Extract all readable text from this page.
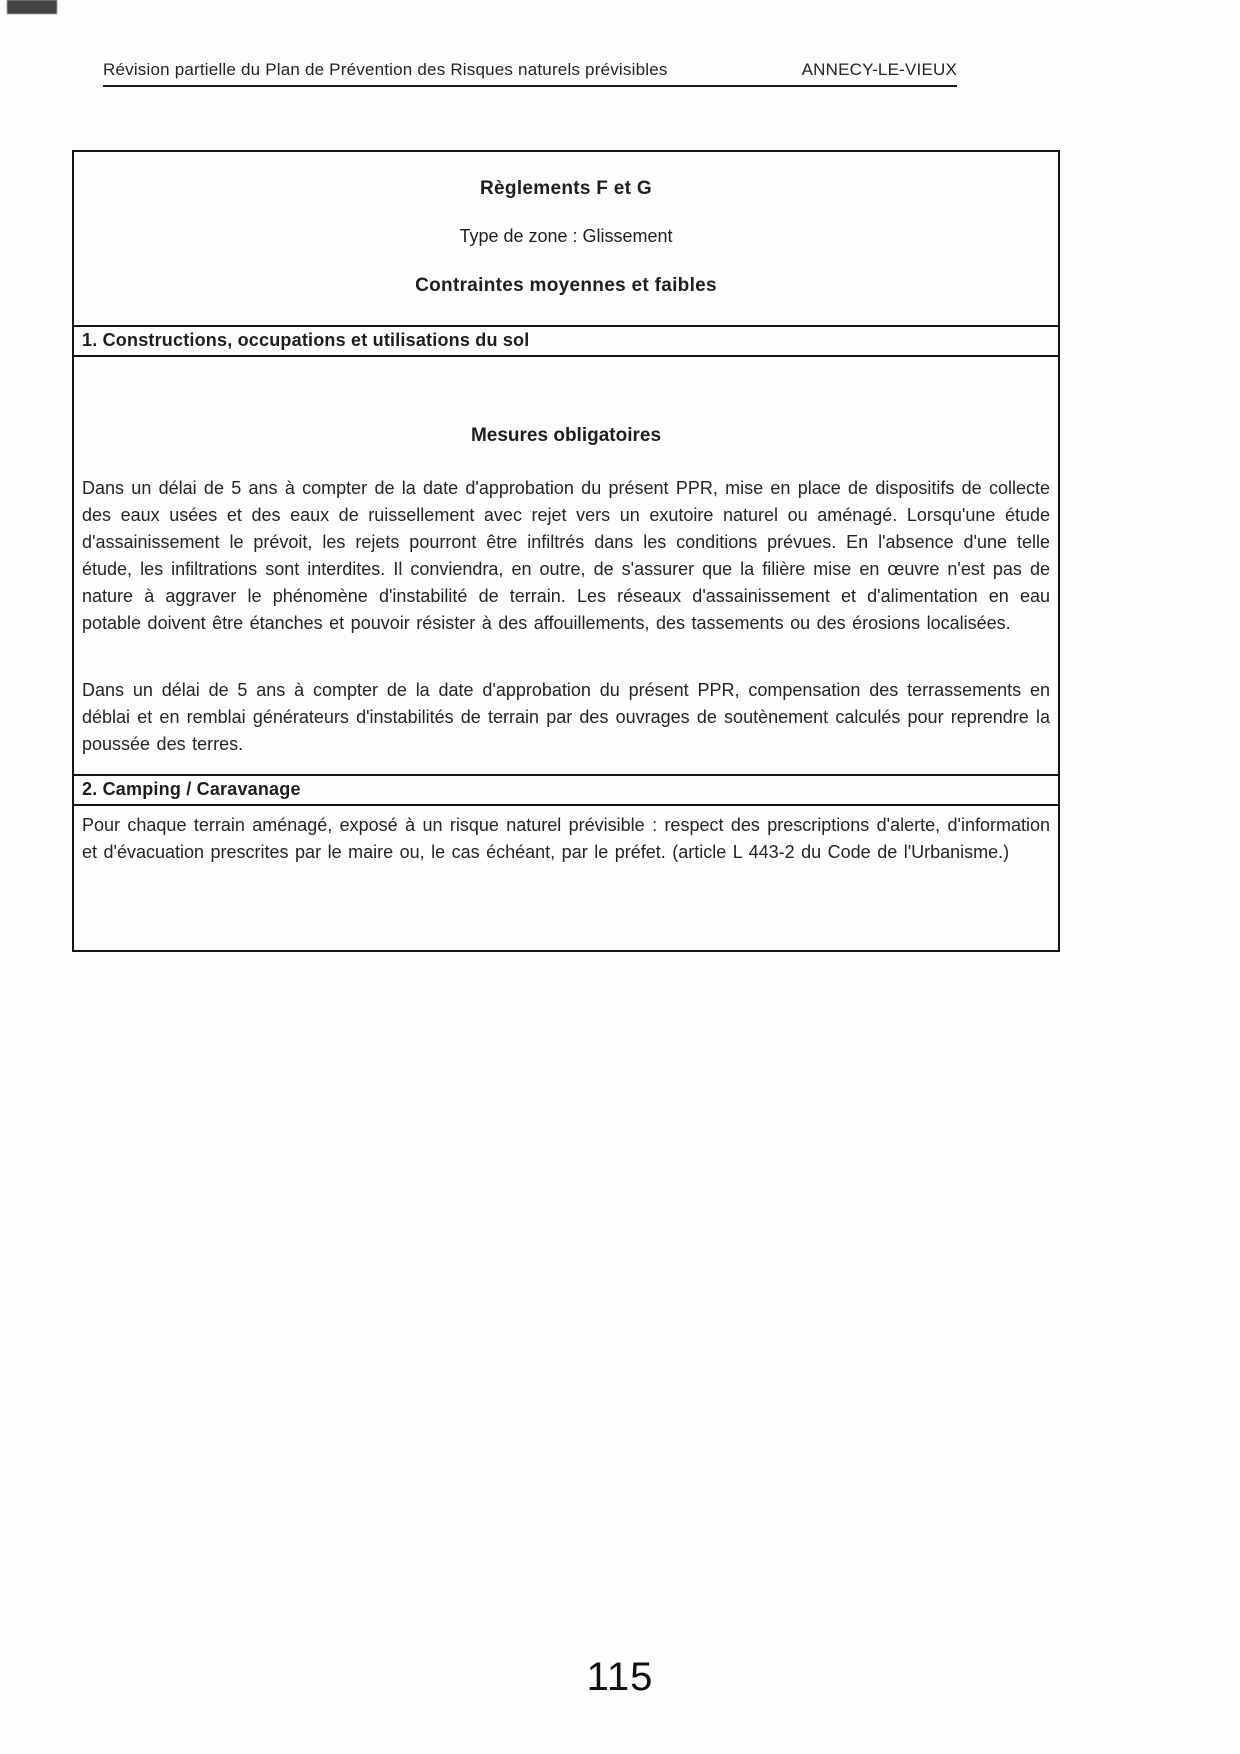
Révision partielle du Plan de Prévention des Risques naturels prévisibles	ANNECY-LE-VIEUX
Règlements F et G
Type de zone : Glissement
Contraintes moyennes et faibles
1. Constructions, occupations et utilisations du sol
Mesures obligatoires

Dans un délai de 5 ans à compter de la date d'approbation du présent PPR, mise en place de dispositifs de collecte des eaux usées et des eaux de ruissellement avec rejet vers un exutoire naturel ou aménagé. Lorsqu'une étude d'assainissement le prévoit, les rejets pourront être infiltrés dans les conditions prévues. En l'absence d'une telle étude, les infiltrations sont interdites. Il conviendra, en outre, de s'assurer que la filière mise en œuvre n'est pas de nature à aggraver le phénomène d'instabilité de terrain. Les réseaux d'assainissement et d'alimentation en eau potable doivent être étanches et pouvoir résister à des affouillements, des tassements ou des érosions localisées.

Dans un délai de 5 ans à compter de la date d'approbation du présent PPR, compensation des terrassements en déblai et en remblai générateurs d'instabilités de terrain par des ouvrages de soutènement calculés pour reprendre la poussée des terres.

2. Camping / Caravanage

Pour chaque terrain aménagé, exposé à un risque naturel prévisible : respect des prescriptions d'alerte, d'information et d'évacuation prescrites par le maire ou, le cas échéant, par le préfet. (article L 443-2 du Code de l'Urbanisme.)

115
